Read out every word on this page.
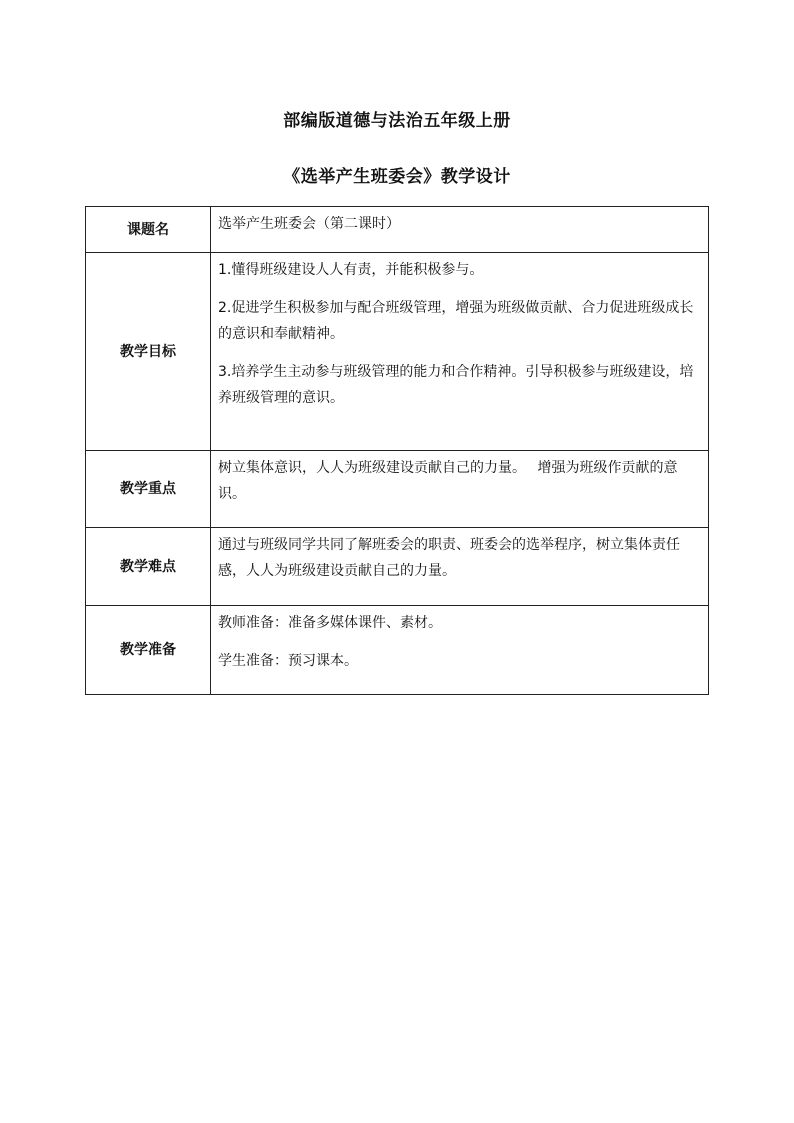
部编版道德与法治五年级上册
《选举产生班委会》教学设计
课题名	选举产生班委会（第二课时）

教学目标	1.懂得班级建设人人有责，并能积极参与。

2.促进学生积极参加与配合班级管理，增强为班级做贡献、合力促进班级成长的意识和奉献精神。

3.培养学生主动参与班级管理的能力和合作精神。引导积极参与班级建设，培养班级管理的意识。

教学重点	树立集体意识，人人为班级建设贡献自己的力量。　 增强为班级作贡献的意识。

教学难点	通过与班级同学共同了解班委会的职责、班委会的选举程序，树立集体责任感，人人为班级建设贡献自己的力量。

教学准备	教师准备：准备多媒体课件、素材。

学生准备：预习课本。
